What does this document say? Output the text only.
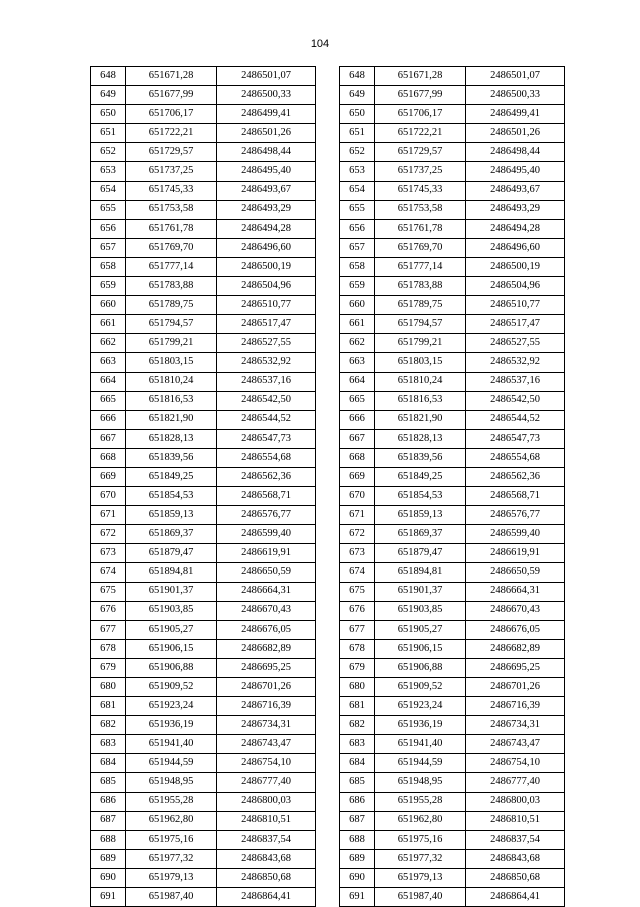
104
648	651671,28	2486501,07
649	651677,99	2486500,33
650	651706,17	2486499,41
651	651722,21	2486501,26
652	651729,57	2486498,44
653	651737,25	2486495,40
654	651745,33	2486493,67
655	651753,58	2486493,29
656	651761,78	2486494,28
657	651769,70	2486496,60
658	651777,14	2486500,19
659	651783,88	2486504,96
660	651789,75	2486510,77
661	651794,57	2486517,47
662	651799,21	2486527,55
663	651803,15	2486532,92
664	651810,24	2486537,16
665	651816,53	2486542,50
666	651821,90	2486544,52
667	651828,13	2486547,73
668	651839,56	2486554,68
669	651849,25	2486562,36
670	651854,53	2486568,71
671	651859,13	2486576,77
672	651869,37	2486599,40
673	651879,47	2486619,91
674	651894,81	2486650,59
675	651901,37	2486664,31
676	651903,85	2486670,43
677	651905,27	2486676,05
678	651906,15	2486682,89
679	651906,88	2486695,25
680	651909,52	2486701,26
681	651923,24	2486716,39
682	651936,19	2486734,31
683	651941,40	2486743,47
684	651944,59	2486754,10
685	651948,95	2486777,40
686	651955,28	2486800,03
687	651962,80	2486810,51
688	651975,16	2486837,54
689	651977,32	2486843,68
690	651979,13	2486850,68
691	651987,40	2486864,41
648	651671,28	2486501,07
649	651677,99	2486500,33
650	651706,17	2486499,41
651	651722,21	2486501,26
652	651729,57	2486498,44
653	651737,25	2486495,40
654	651745,33	2486493,67
655	651753,58	2486493,29
656	651761,78	2486494,28
657	651769,70	2486496,60
658	651777,14	2486500,19
659	651783,88	2486504,96
660	651789,75	2486510,77
661	651794,57	2486517,47
662	651799,21	2486527,55
663	651803,15	2486532,92
664	651810,24	2486537,16
665	651816,53	2486542,50
666	651821,90	2486544,52
667	651828,13	2486547,73
668	651839,56	2486554,68
669	651849,25	2486562,36
670	651854,53	2486568,71
671	651859,13	2486576,77
672	651869,37	2486599,40
673	651879,47	2486619,91
674	651894,81	2486650,59
675	651901,37	2486664,31
676	651903,85	2486670,43
677	651905,27	2486676,05
678	651906,15	2486682,89
679	651906,88	2486695,25
680	651909,52	2486701,26
681	651923,24	2486716,39
682	651936,19	2486734,31
683	651941,40	2486743,47
684	651944,59	2486754,10
685	651948,95	2486777,40
686	651955,28	2486800,03
687	651962,80	2486810,51
688	651975,16	2486837,54
689	651977,32	2486843,68
690	651979,13	2486850,68
691	651987,40	2486864,41
